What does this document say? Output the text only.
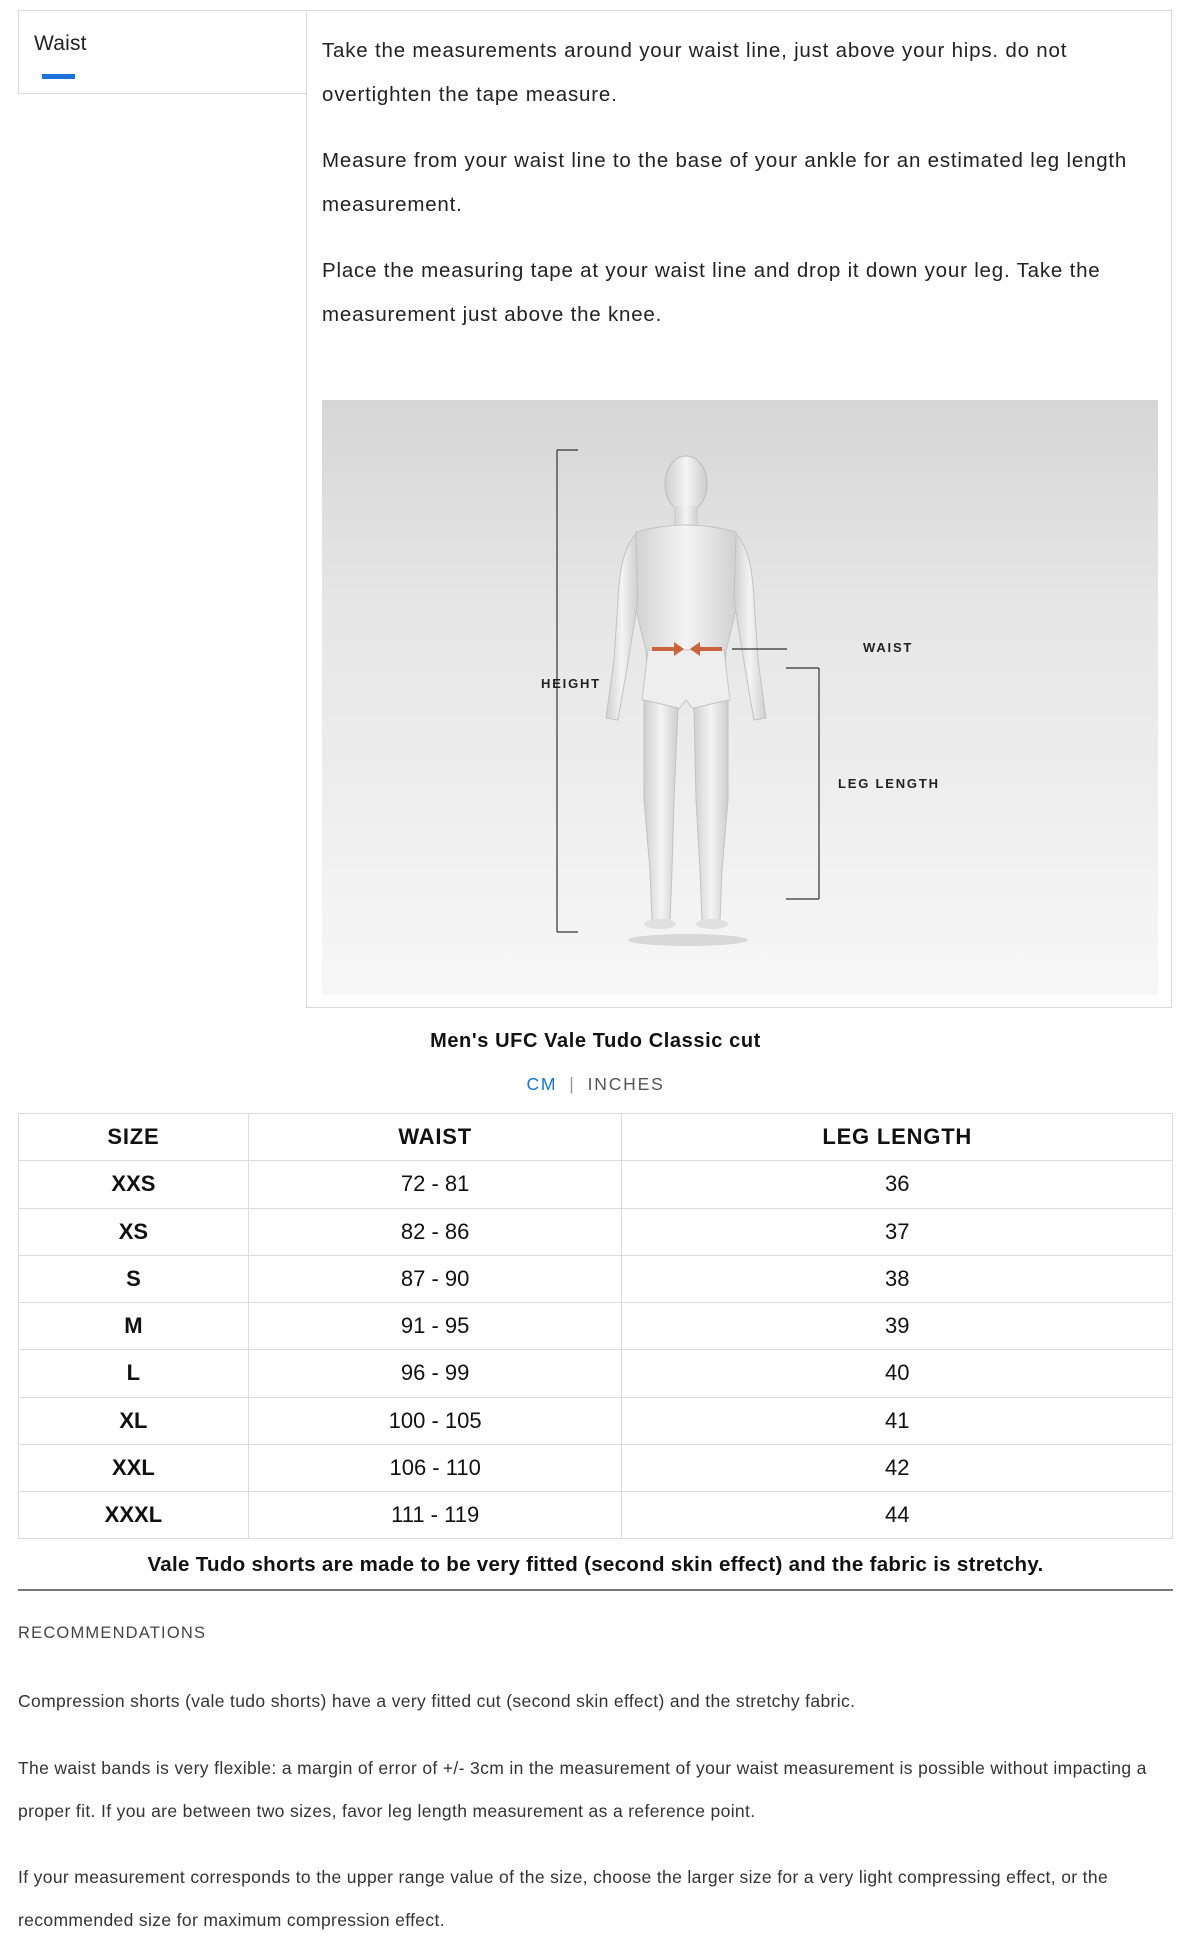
Waist	Take the measurements around your waist line, just above your hips. do not overtighten the tape measure.

Measure from your waist line to the base of your ankle for an estimated leg length measurement.

Place the measuring tape at your waist line and drop it down your leg. Take the measurement just above the knee.

HEIGHT
WAIST
LEG LENGTH
Men's UFC Vale Tudo Classic cut
CM | INCHES
SIZE	WAIST	LEG LENGTH
XXS	72 - 81	36
XS	82 - 86	37
S	87 - 90	38
M	91 - 95	39
L	96 - 99	40
XL	100 - 105	41
XXL	106 - 110	42
XXXL	111 - 119	44
Vale Tudo shorts are made to be very fitted (second skin effect) and the fabric is stretchy.
RECOMMENDATIONS

Compression shorts (vale tudo shorts) have a very fitted cut (second skin effect) and the stretchy fabric.

The waist bands is very flexible: a margin of error of +/- 3cm in the measurement of your waist measurement is possible without impacting a proper fit. If you are between two sizes, favor leg length measurement as a reference point.

If your measurement corresponds to the upper range value of the size, choose the larger size for a very light compressing effect, or the recommended size for maximum compression effect.
